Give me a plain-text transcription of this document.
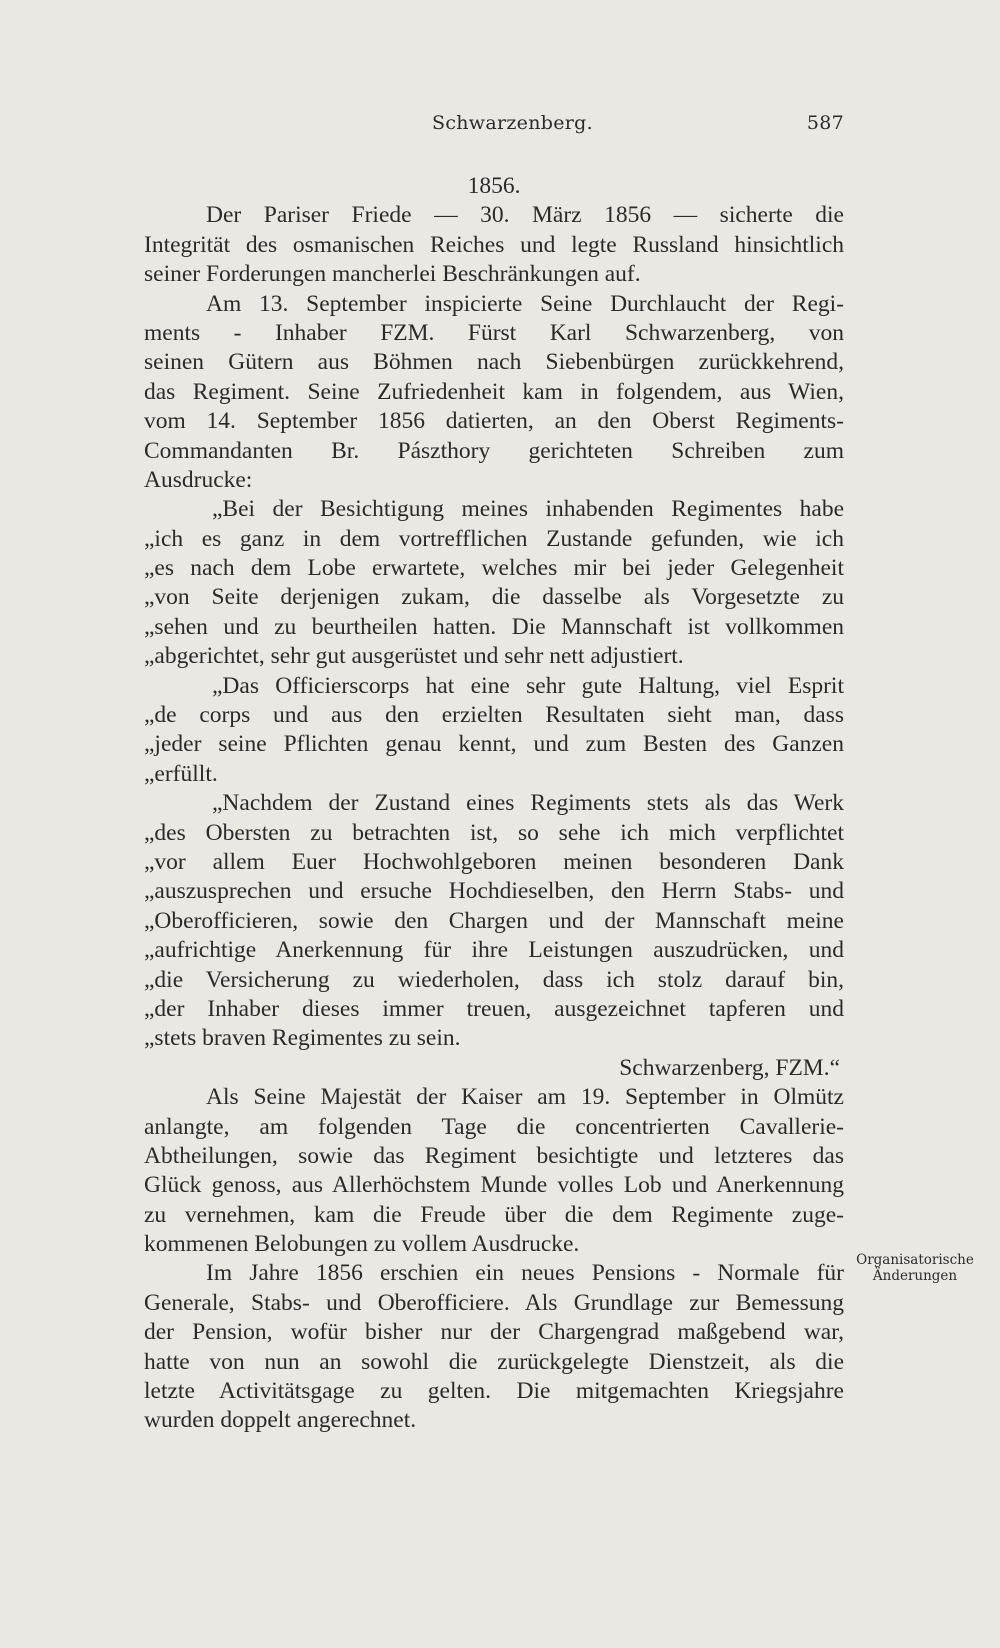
Schwarzenberg.	587
1856.
Der Pariser Friede — 30. März 1856 — sicherte die
Integrität des osmanischen Reiches und legte Russland hinsichtlich
seiner Forderungen mancherlei Beschränkungen auf.
Am 13. September inspicierte Seine Durchlaucht der Regi-
ments - Inhaber FZM. Fürst Karl Schwarzenberg, von
seinen Gütern aus Böhmen nach Siebenbürgen zurückkehrend,
das Regiment. Seine Zufriedenheit kam in folgendem, aus Wien,
vom 14. September 1856 datierten, an den Oberst Regiments-
Commandanten Br. Pászthory gerichteten Schreiben zum
Ausdrucke:
„Bei der Besichtigung meines inhabenden Regimentes habe
„ich es ganz in dem vortrefflichen Zustande gefunden, wie ich
„es nach dem Lobe erwartete, welches mir bei jeder Gelegenheit
„von Seite derjenigen zukam, die dasselbe als Vorgesetzte zu
„sehen und zu beurtheilen hatten. Die Mannschaft ist vollkommen
„abgerichtet, sehr gut ausgerüstet und sehr nett adjustiert.
„Das Officierscorps hat eine sehr gute Haltung, viel Esprit
„de corps und aus den erzielten Resultaten sieht man, dass
„jeder seine Pflichten genau kennt, und zum Besten des Ganzen
„erfüllt.
„Nachdem der Zustand eines Regiments stets als das Werk
„des Obersten zu betrachten ist, so sehe ich mich verpflichtet
„vor allem Euer Hochwohlgeboren meinen besonderen Dank
„auszusprechen und ersuche Hochdieselben, den Herrn Stabs- und
„Oberofficieren, sowie den Chargen und der Mannschaft meine
„aufrichtige Anerkennung für ihre Leistungen auszudrücken, und
„die Versicherung zu wiederholen, dass ich stolz darauf bin,
„der Inhaber dieses immer treuen, ausgezeichnet tapferen und
„stets braven Regimentes zu sein.
Schwarzenberg, FZM.“
Als Seine Majestät der Kaiser am 19. September in Olmütz
anlangte, am folgenden Tage die concentrierten Cavallerie-
Abtheilungen, sowie das Regiment besichtigte und letzteres das
Glück genoss, aus Allerhöchstem Munde volles Lob und Anerkennung
zu vernehmen, kam die Freude über die dem Regimente zuge-
kommenen Belobungen zu vollem Ausdrucke.
Im Jahre 1856 erschien ein neues Pensions - Normale für
Generale, Stabs- und Oberofficiere. Als Grundlage zur Bemessung
der Pension, wofür bisher nur der Chargengrad maßgebend war,
hatte von nun an sowohl die zurückgelegte Dienstzeit, als die
letzte Activitätsgage zu gelten. Die mitgemachten Kriegsjahre
wurden doppelt angerechnet.
Organisatorische Änderungen
